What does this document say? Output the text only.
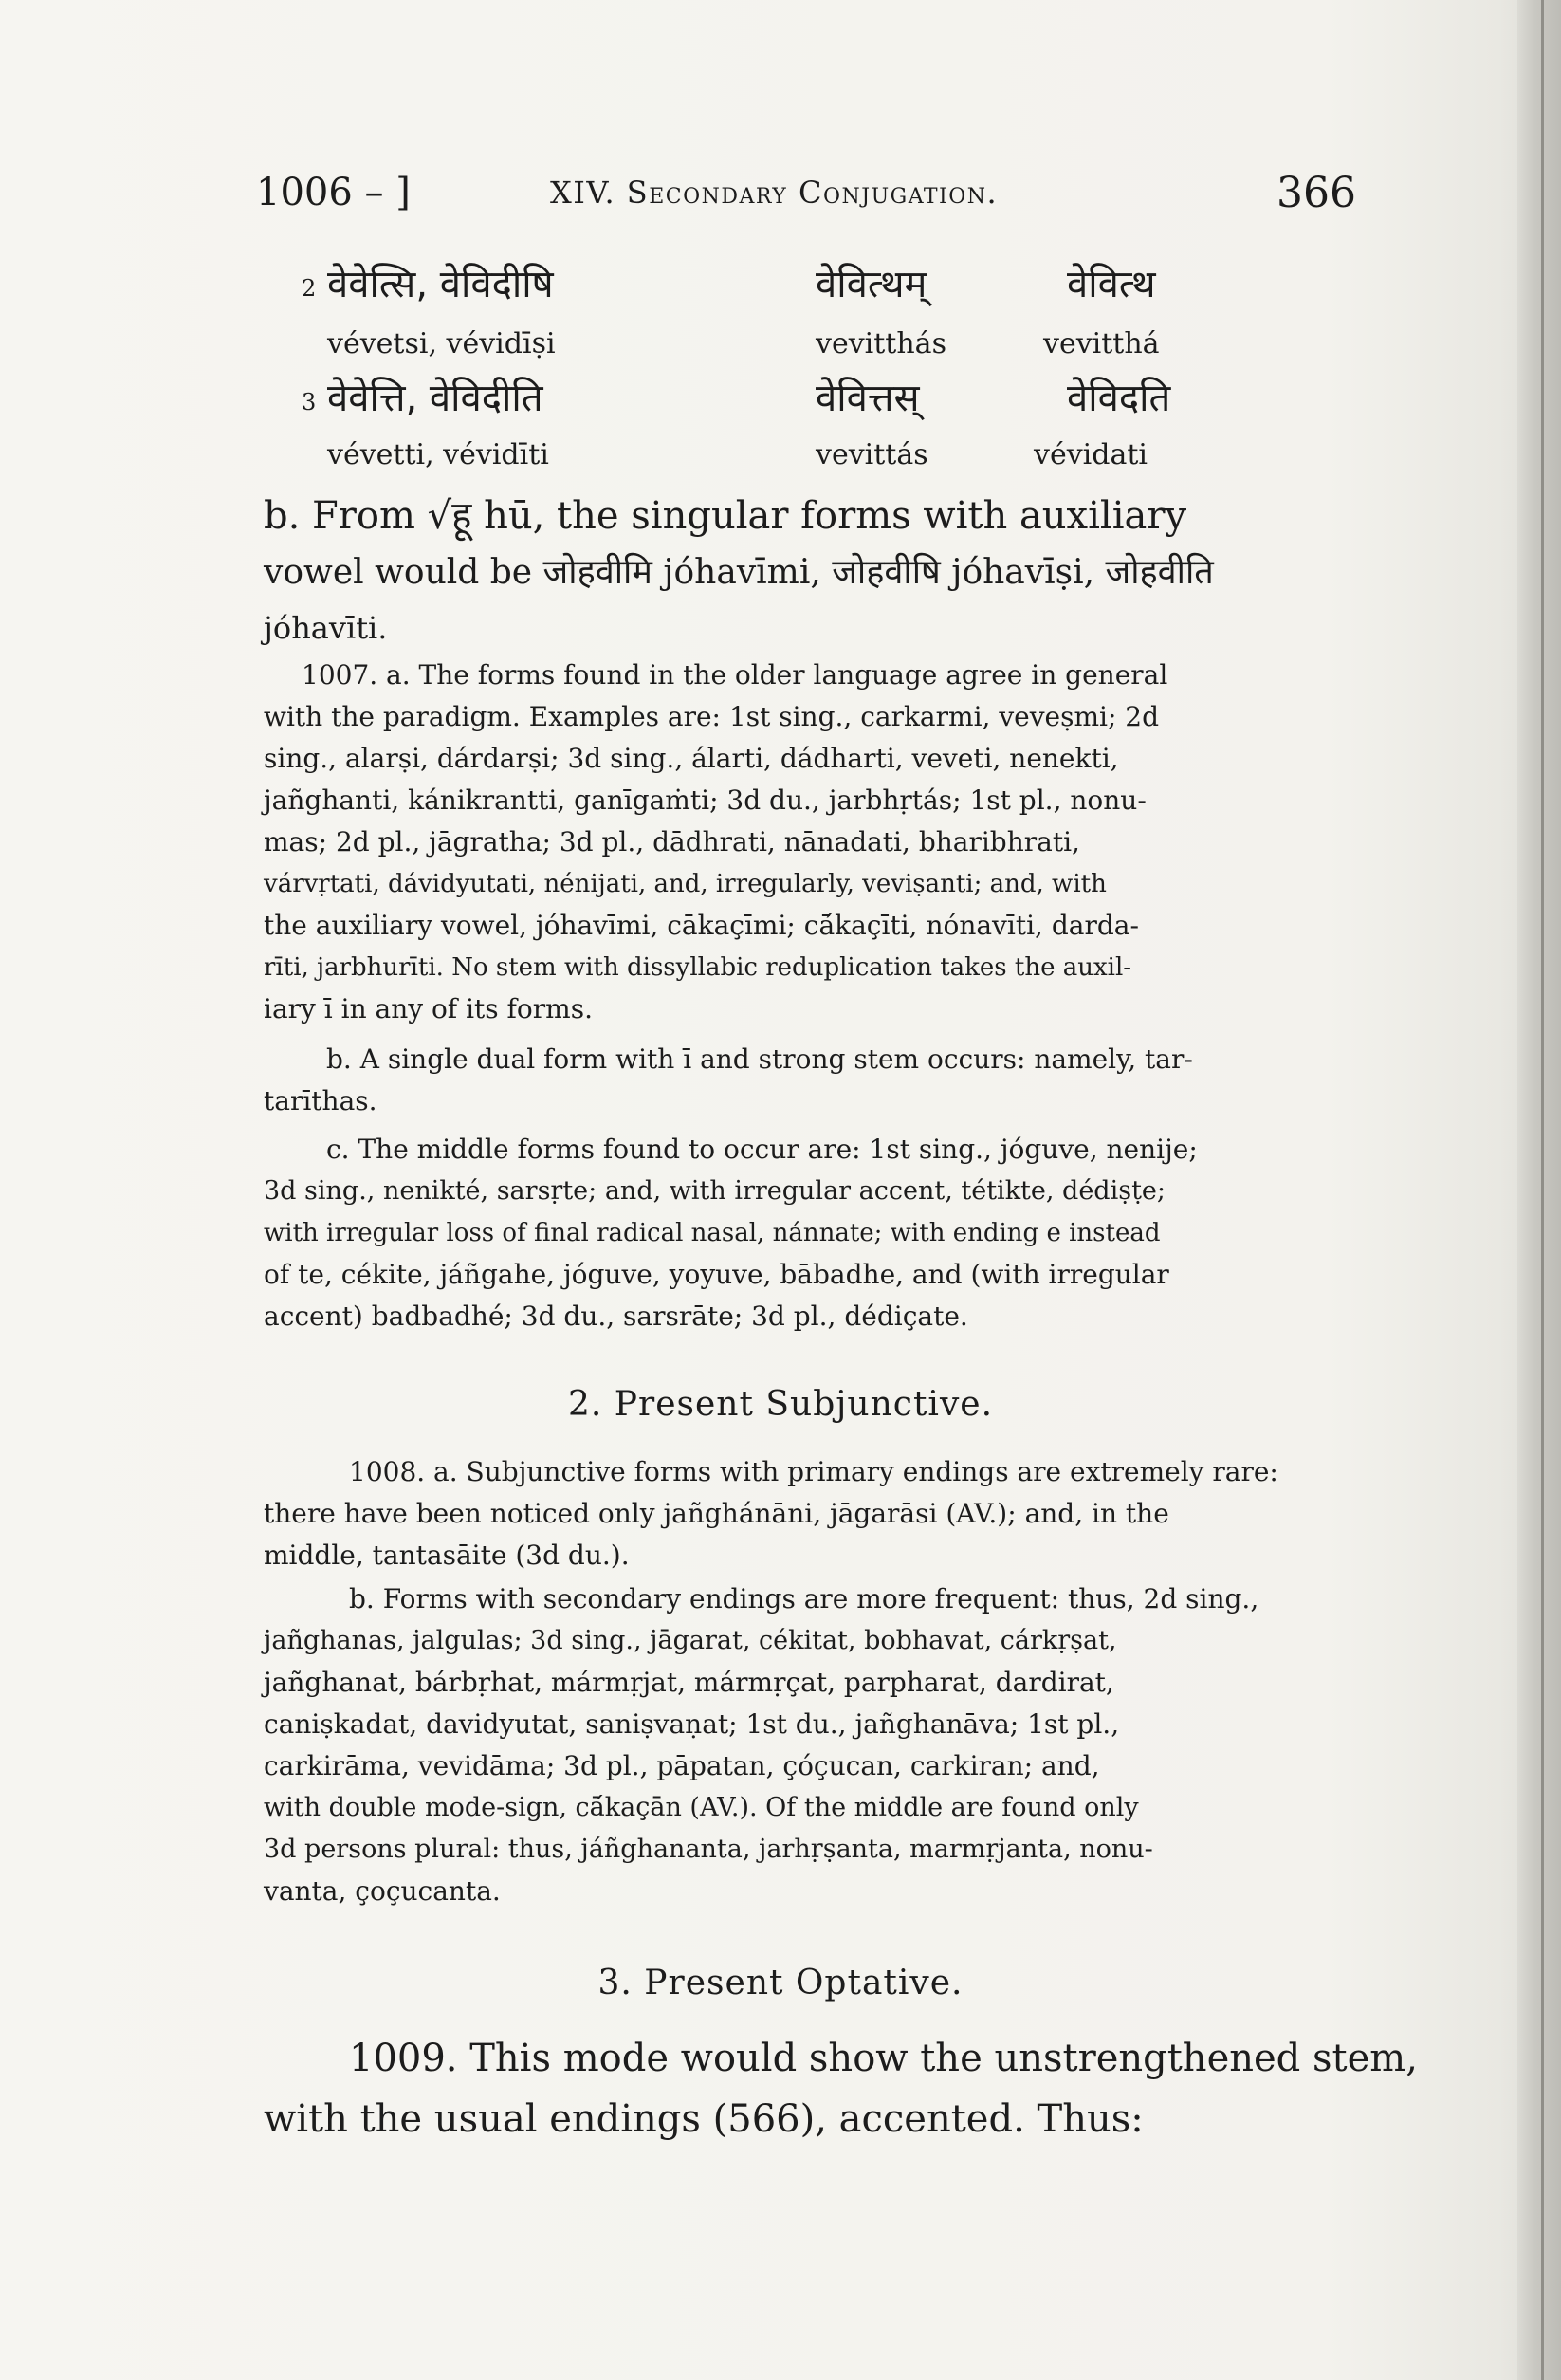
1006 – ]	XIV. Secondary Conjugation.	366
2 वेवेत्सि, वेविदीषि	वेवित्थम्	वेवित्थ
vévetsi, vévidīṣi	vevitthás	vevitthá
3 वेवेत्ति, वेविदीति	वेवित्तस्	वेविदति
vévetti, vévidīti	vevittás	vévidati
b. From √हू hū, the singular forms with auxiliary
vowel would be जोहवीमि jóhavīmi, जोहवीषि jóhavīṣi, जोहवीति
jóhavīti.
1007. a. The forms found in the older language agree in general
with the paradigm. Examples are: 1st sing., carkarmi, veveṣmi; 2d
sing., alarṣi, dárdarṣi; 3d sing., álarti, dádharti, veveti, nenekti,
jañghanti, kánikrantti, ganīgaṁti; 3d du., jarbhṛtás; 1st pl., nonu-
mas; 2d pl., jāgratha; 3d pl., dādhrati, nānadati, bharibhrati,
várvṛtati, dávidyutati, nénijati, and, irregularly, veviṣanti; and, with
the auxiliary vowel, jóhavīmi, cākaçīmi; cā́kaçīti, nónavīti, darda-
rīti, jarbhurīti. No stem with dissyllabic reduplication takes the auxil-
iary ī in any of its forms.
b. A single dual form with ī and strong stem occurs: namely, tar-
tarīthas.
c. The middle forms found to occur are: 1st sing., jóguve, nenije;
3d sing., nenikté, sarsṛte; and, with irregular accent, tétikte, dédiṣṭe;
with irregular loss of final radical nasal, nánnate; with ending e instead
of te, cékite, jáñgahe, jóguve, yoyuve, bābadhe, and (with irregular
accent) badbadhé; 3d du., sarsrāte; 3d pl., dédiçate.
2. Present Subjunctive.
1008. a. Subjunctive forms with primary endings are extremely rare:
there have been noticed only jañghánāni, jāgarāsi (AV.); and, in the
middle, tantasāite (3d du.).
b. Forms with secondary endings are more frequent: thus, 2d sing.,
jañghanas, jalgulas; 3d sing., jāgarat, cékitat, bobhavat, cárkṛṣat,
jañghanat, bárbṛhat, mármṛjat, mármṛçat, parpharat, dardirat,
caniṣkadat, davidyutat, saniṣvaṇat; 1st du., jañghanāva; 1st pl.,
carkirāma, vevidāma; 3d pl., pāpatan, çóçucan, carkiran; and,
with double mode-sign, cā́kaçān (AV.). Of the middle are found only
3d persons plural: thus, jáñghananta, jarhṛṣanta, marmṛjanta, nonu-
vanta, çoçucanta.
3. Present Optative.
1009. This mode would show the unstrengthened stem,
with the usual endings (566), accented. Thus:
